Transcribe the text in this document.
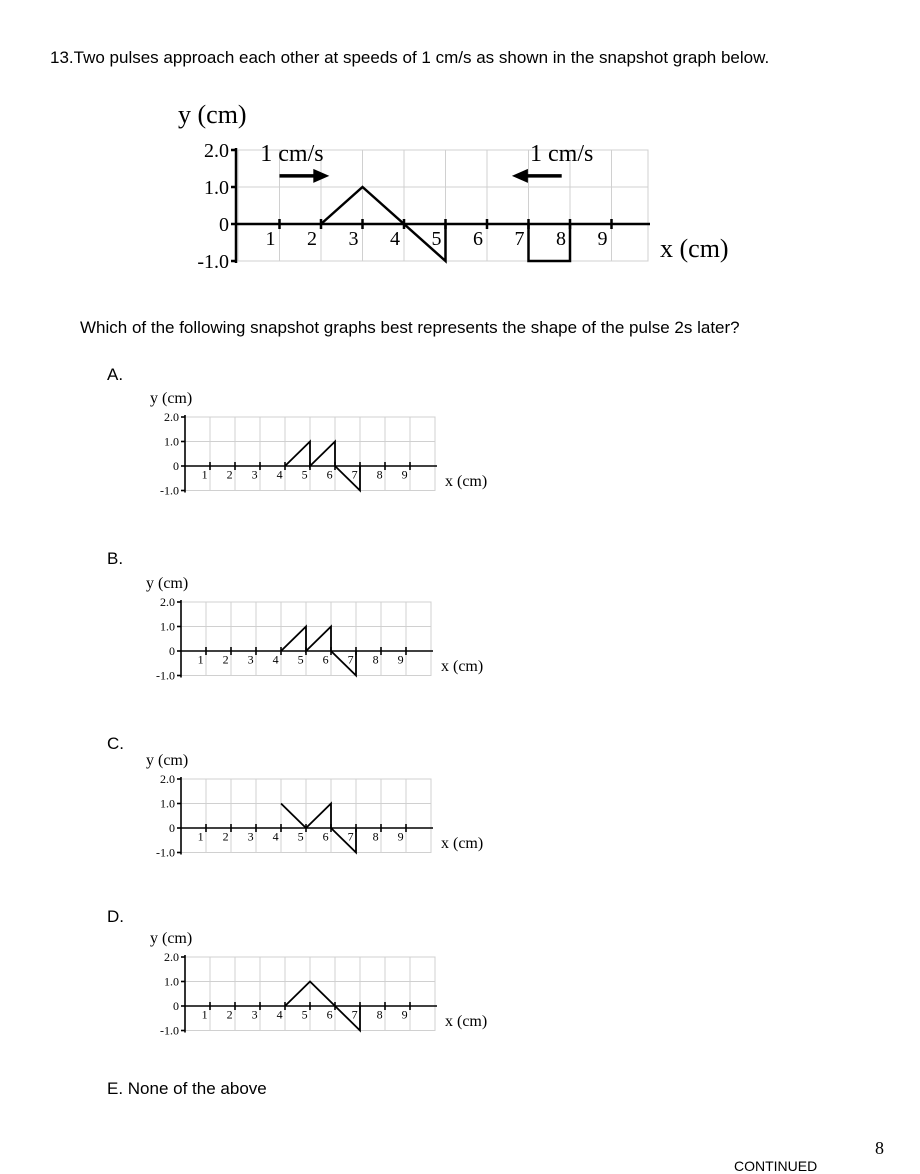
13.Two pulses approach each other at speeds of 1 cm/s as shown in the snapshot graph below.
2.0
1.0
0
-1.0
y (cm)
1 2 3 4 5 6 7 8 9 x (cm)
1 cm/s	1 cm/s
Which of the following snapshot graphs best represents the shape of the pulse 2s later?
A.
2.0
1.0
0
-1.0
y (cm)
1 2 3 4 5 6 7 8 9 x (cm)
B.
2.0
1.0
0
-1.0
y (cm)
1 2 3 4 5 6 7 8 9 x (cm)
C.
2.0
1.0
0
-1.0
y (cm)
1 2 3 4 5 6 7 8 9 x (cm)
D.
2.0
1.0
0
-1.0
y (cm)
1 2 3 4 5 6 7 8 9 x (cm)
E. None of the above
8
CONTINUED
